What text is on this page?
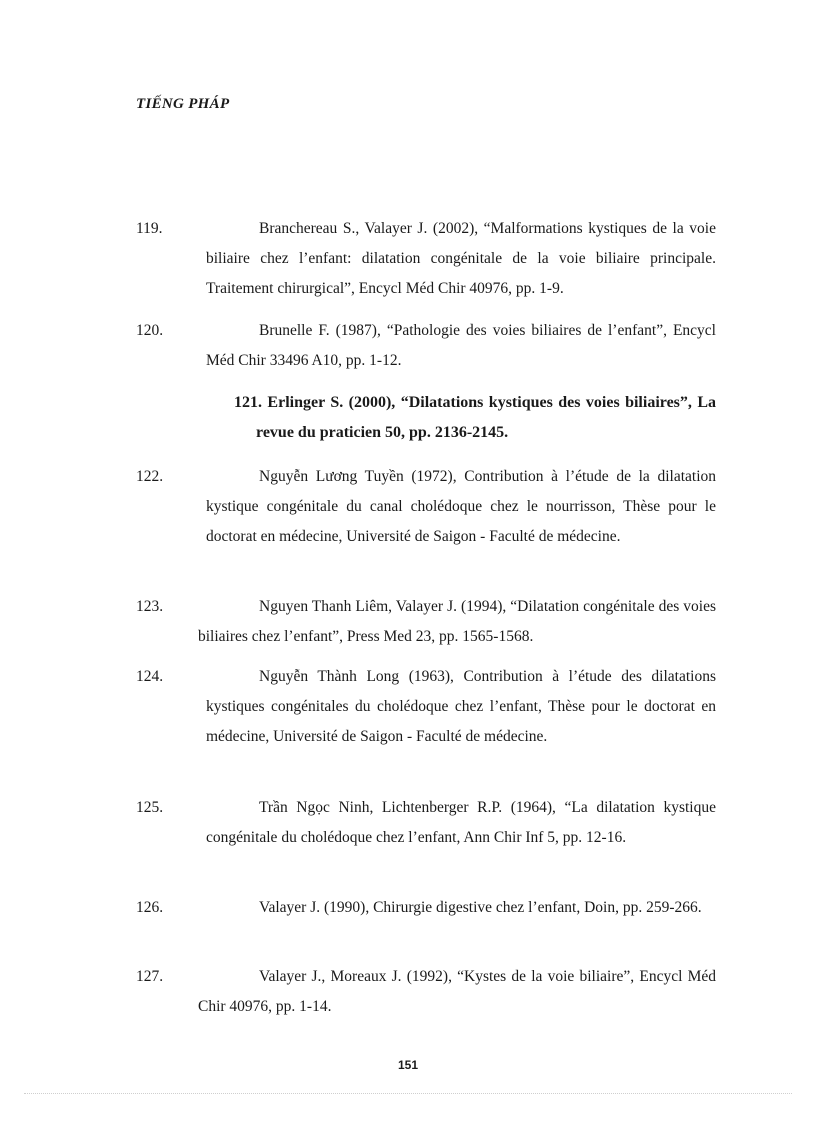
TIẾNG PHÁP
119.	Branchereau S., Valayer J. (2002), “Malformations kystiques de la voie biliaire chez l’enfant: dilatation congénitale de la voie biliaire principale. Traitement chirurgical”, Encycl Méd Chir 40976, pp. 1-9.
120.	Brunelle F. (1987), “Pathologie des voies biliaires de l’enfant”, Encycl Méd Chir 33496 A10, pp. 1-12.
121. Erlinger S. (2000), “Dilatations kystiques des voies biliaires”, La revue du praticien 50, pp. 2136-2145.
122.	Nguyễn Lương Tuyền (1972), Contribution à l’étude de la dilatation kystique congénitale du canal cholédoque chez le nourrisson, Thèse pour le doctorat en médecine, Université de Saigon - Faculté de médecine.
123.	Nguyen Thanh Liêm, Valayer J. (1994), “Dilatation congénitale des voies biliaires chez l’enfant”, Press Med 23, pp. 1565-1568.
124.	Nguyễn Thành Long (1963), Contribution à l’étude des dilatations kystiques congénitales du cholédoque chez l’enfant, Thèse pour le doctorat en médecine, Université de Saigon - Faculté de médecine.
125.	Trần Ngọc Ninh, Lichtenberger R.P. (1964), “La dilatation kystique congénitale du cholédoque chez l’enfant, Ann Chir Inf 5, pp. 12-16.
126.	Valayer J. (1990), Chirurgie digestive chez l’enfant, Doin, pp. 259-266.
127.	Valayer J., Moreaux J. (1992), “Kystes de la voie biliaire”, Encycl Méd Chir 40976, pp. 1-14.
151
